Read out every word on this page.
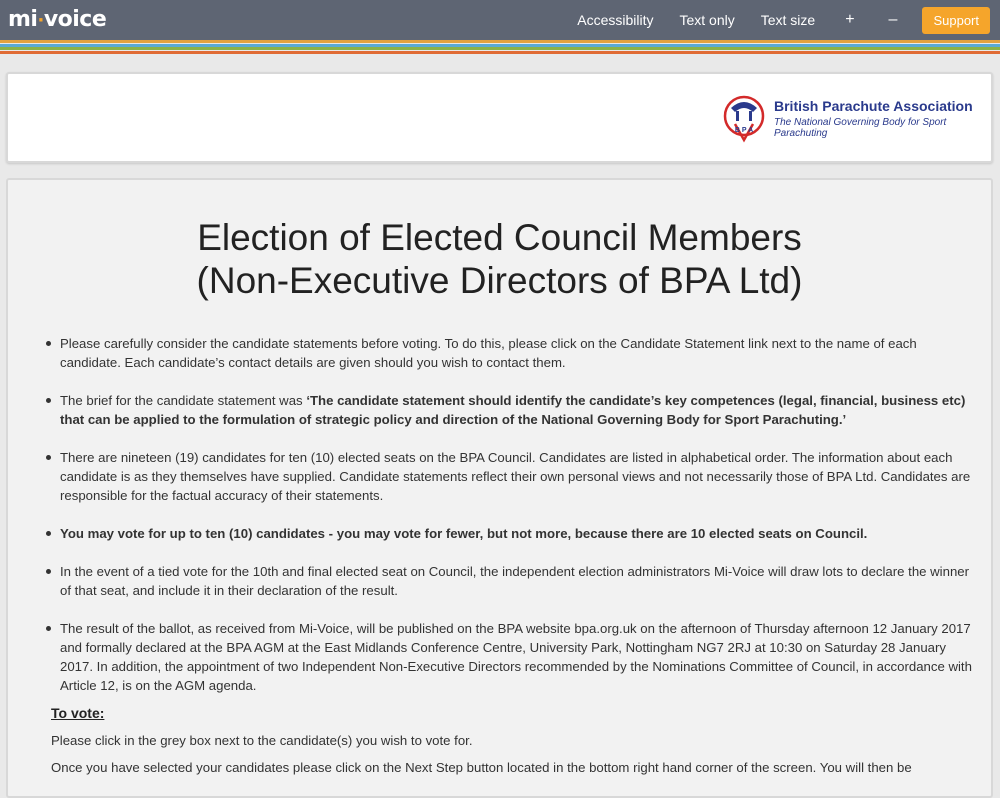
mi·voice	Accessibility	Text only	Text size	+	–	Support
B P A
British Parachute Association
The National Governing Body for Sport Parachuting
Election of Elected Council Members
(Non-Executive Directors of BPA Ltd)
Please carefully consider the candidate statements before voting. To do this, please click on the Candidate Statement link next to the name of each candidate. Each candidate’s contact details are given should you wish to contact them.
The brief for the candidate statement was ‘The candidate statement should identify the candidate’s key competences (legal, financial, business etc) that can be applied to the formulation of strategic policy and direction of the National Governing Body for Sport Parachuting.’
There are nineteen (19) candidates for ten (10) elected seats on the BPA Council. Candidates are listed in alphabetical order. The information about each candidate is as they themselves have supplied. Candidate statements reflect their own personal views and not necessarily those of BPA Ltd. Candidates are responsible for the factual accuracy of their statements.
You may vote for up to ten (10) candidates - you may vote for fewer, but not more, because there are 10 elected seats on Council.
In the event of a tied vote for the 10th and final elected seat on Council, the independent election administrators Mi-Voice will draw lots to declare the winner of that seat, and include it in their declaration of the result.
The result of the ballot, as received from Mi-Voice, will be published on the BPA website bpa.org.uk on the afternoon of Thursday afternoon 12 January 2017 and formally declared at the BPA AGM at the East Midlands Conference Centre, University Park, Nottingham NG7 2RJ at 10:30 on Saturday 28 January 2017. In addition, the appointment of two Independent Non-Executive Directors recommended by the Nominations Committee of Council, in accordance with Article 12, is on the AGM agenda.
To vote:
Please click in the grey box next to the candidate(s) you wish to vote for.
Once you have selected your candidates please click on the Next Step button located in the bottom right hand corner of the screen. You will then be
